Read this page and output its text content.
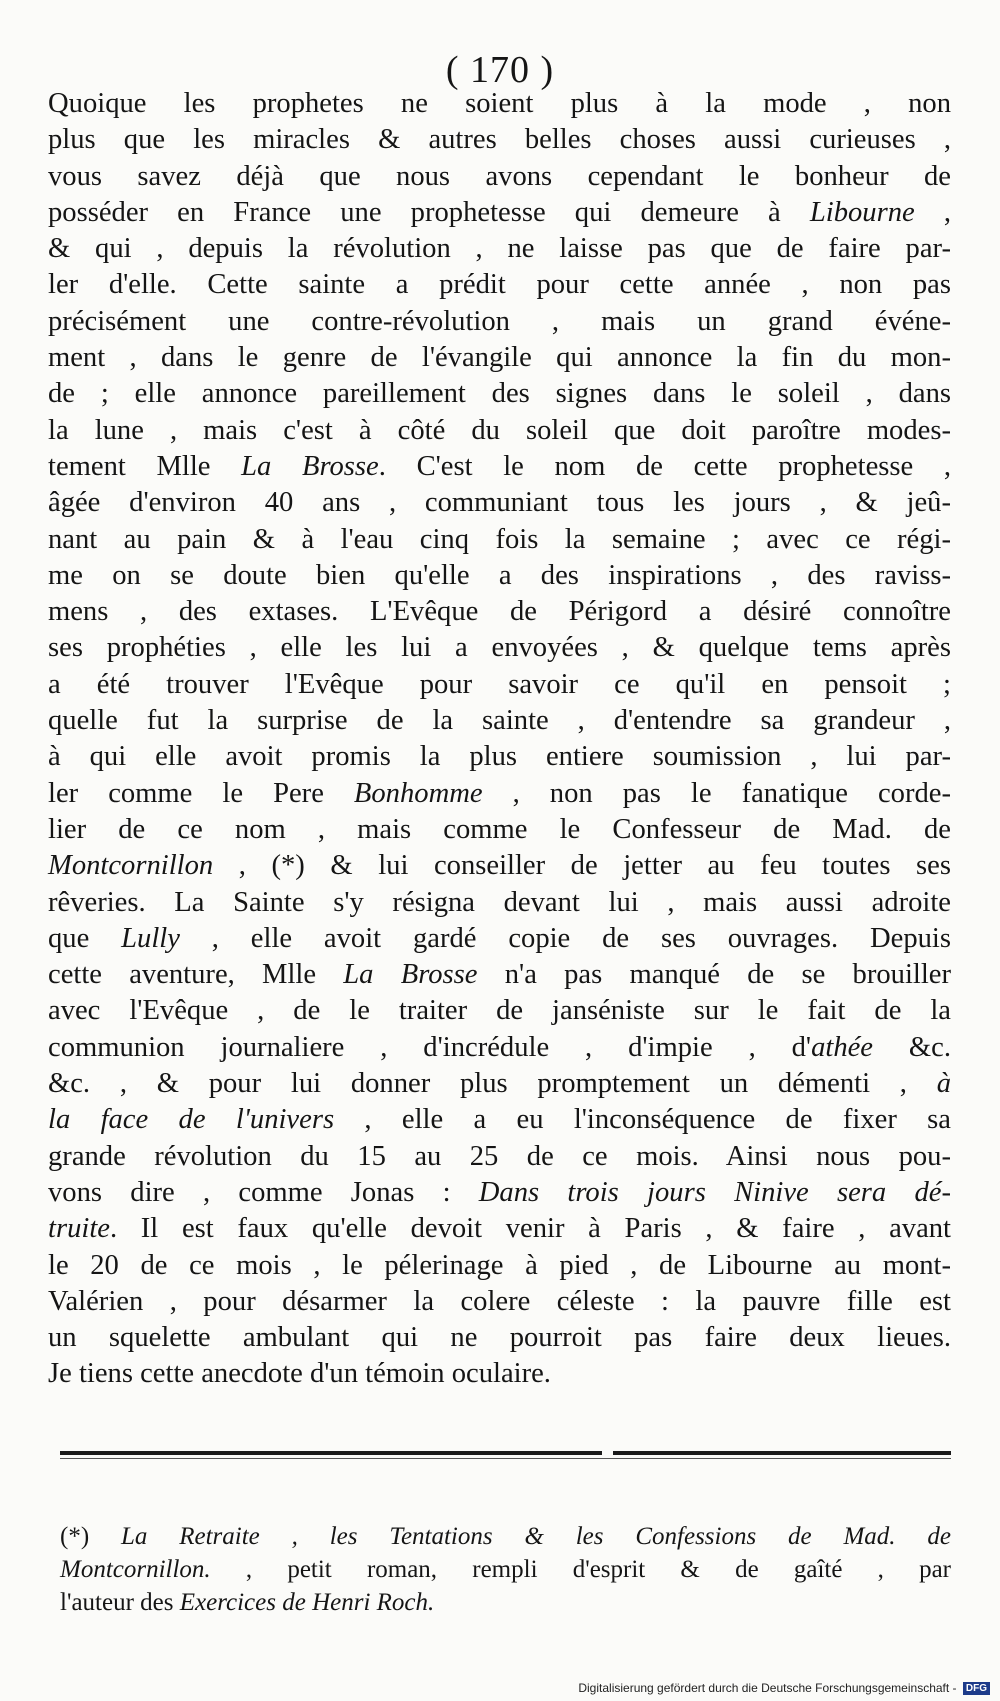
( 170 )
Quoique les prophetes ne soient plus à la mode , non
plus que les miracles & autres belles choses aussi curieuses ,
vous savez déjà que nous avons cependant le bonheur de
posséder en France une prophetesse qui demeure à Libourne ,
& qui , depuis la révolution , ne laisse pas que de faire par-
ler d'elle. Cette sainte a prédit pour cette année , non pas
précisément une contre-révolution , mais un grand événe-
ment , dans le genre de l'évangile qui annonce la fin du mon-
de ; elle annonce pareillement des signes dans le soleil , dans
la lune , mais c'est à côté du soleil que doit paroître modes-
tement Mlle La Brosse. C'est le nom de cette prophetesse ,
âgée d'environ 40 ans , communiant tous les jours , & jeû-
nant au pain & à l'eau cinq fois la semaine ; avec ce régi-
me on se doute bien qu'elle a des inspirations , des raviss-
mens , des extases. L'Evêque de Périgord a désiré connoître
ses prophéties , elle les lui a envoyées , & quelque tems après
a été trouver l'Evêque pour savoir ce qu'il en pensoit ;
quelle fut la surprise de la sainte , d'entendre sa grandeur ,
à qui elle avoit promis la plus entiere soumission , lui par-
ler comme le Pere Bonhomme , non pas le fanatique corde-
lier de ce nom , mais comme le Confesseur de Mad. de
Montcornillon , (*) & lui conseiller de jetter au feu toutes ses
rêveries. La Sainte s'y résigna devant lui , mais aussi adroite
que Lully , elle avoit gardé copie de ses ouvrages. Depuis
cette aventure, Mlle La Brosse n'a pas manqué de se brouiller
avec l'Evêque , de le traiter de janséniste sur le fait de la
communion journaliere , d'incrédule , d'impie , d'athée &c.
&c. , & pour lui donner plus promptement un démenti , à
la face de l'univers , elle a eu l'inconséquence de fixer sa
grande révolution du 15 au 25 de ce mois. Ainsi nous pou-
vons dire , comme Jonas : Dans trois jours Ninive sera dé-
truite. Il est faux qu'elle devoit venir à Paris , & faire , avant
le 20 de ce mois , le pélerinage à pied , de Libourne au mont-
Valérien , pour désarmer la colere céleste : la pauvre fille est
un squelette ambulant qui ne pourroit pas faire deux lieues.
Je tiens cette anecdote d'un témoin oculaire.
(*) La Retraite , les Tentations & les Confessions de Mad. de
Montcornillon. , petit roman, rempli d'esprit & de gaîté , par
l'auteur des Exercices de Henri Roch.
Digitalisierung gefördert durch die Deutsche Forschungsgemeinschaft - DFG
